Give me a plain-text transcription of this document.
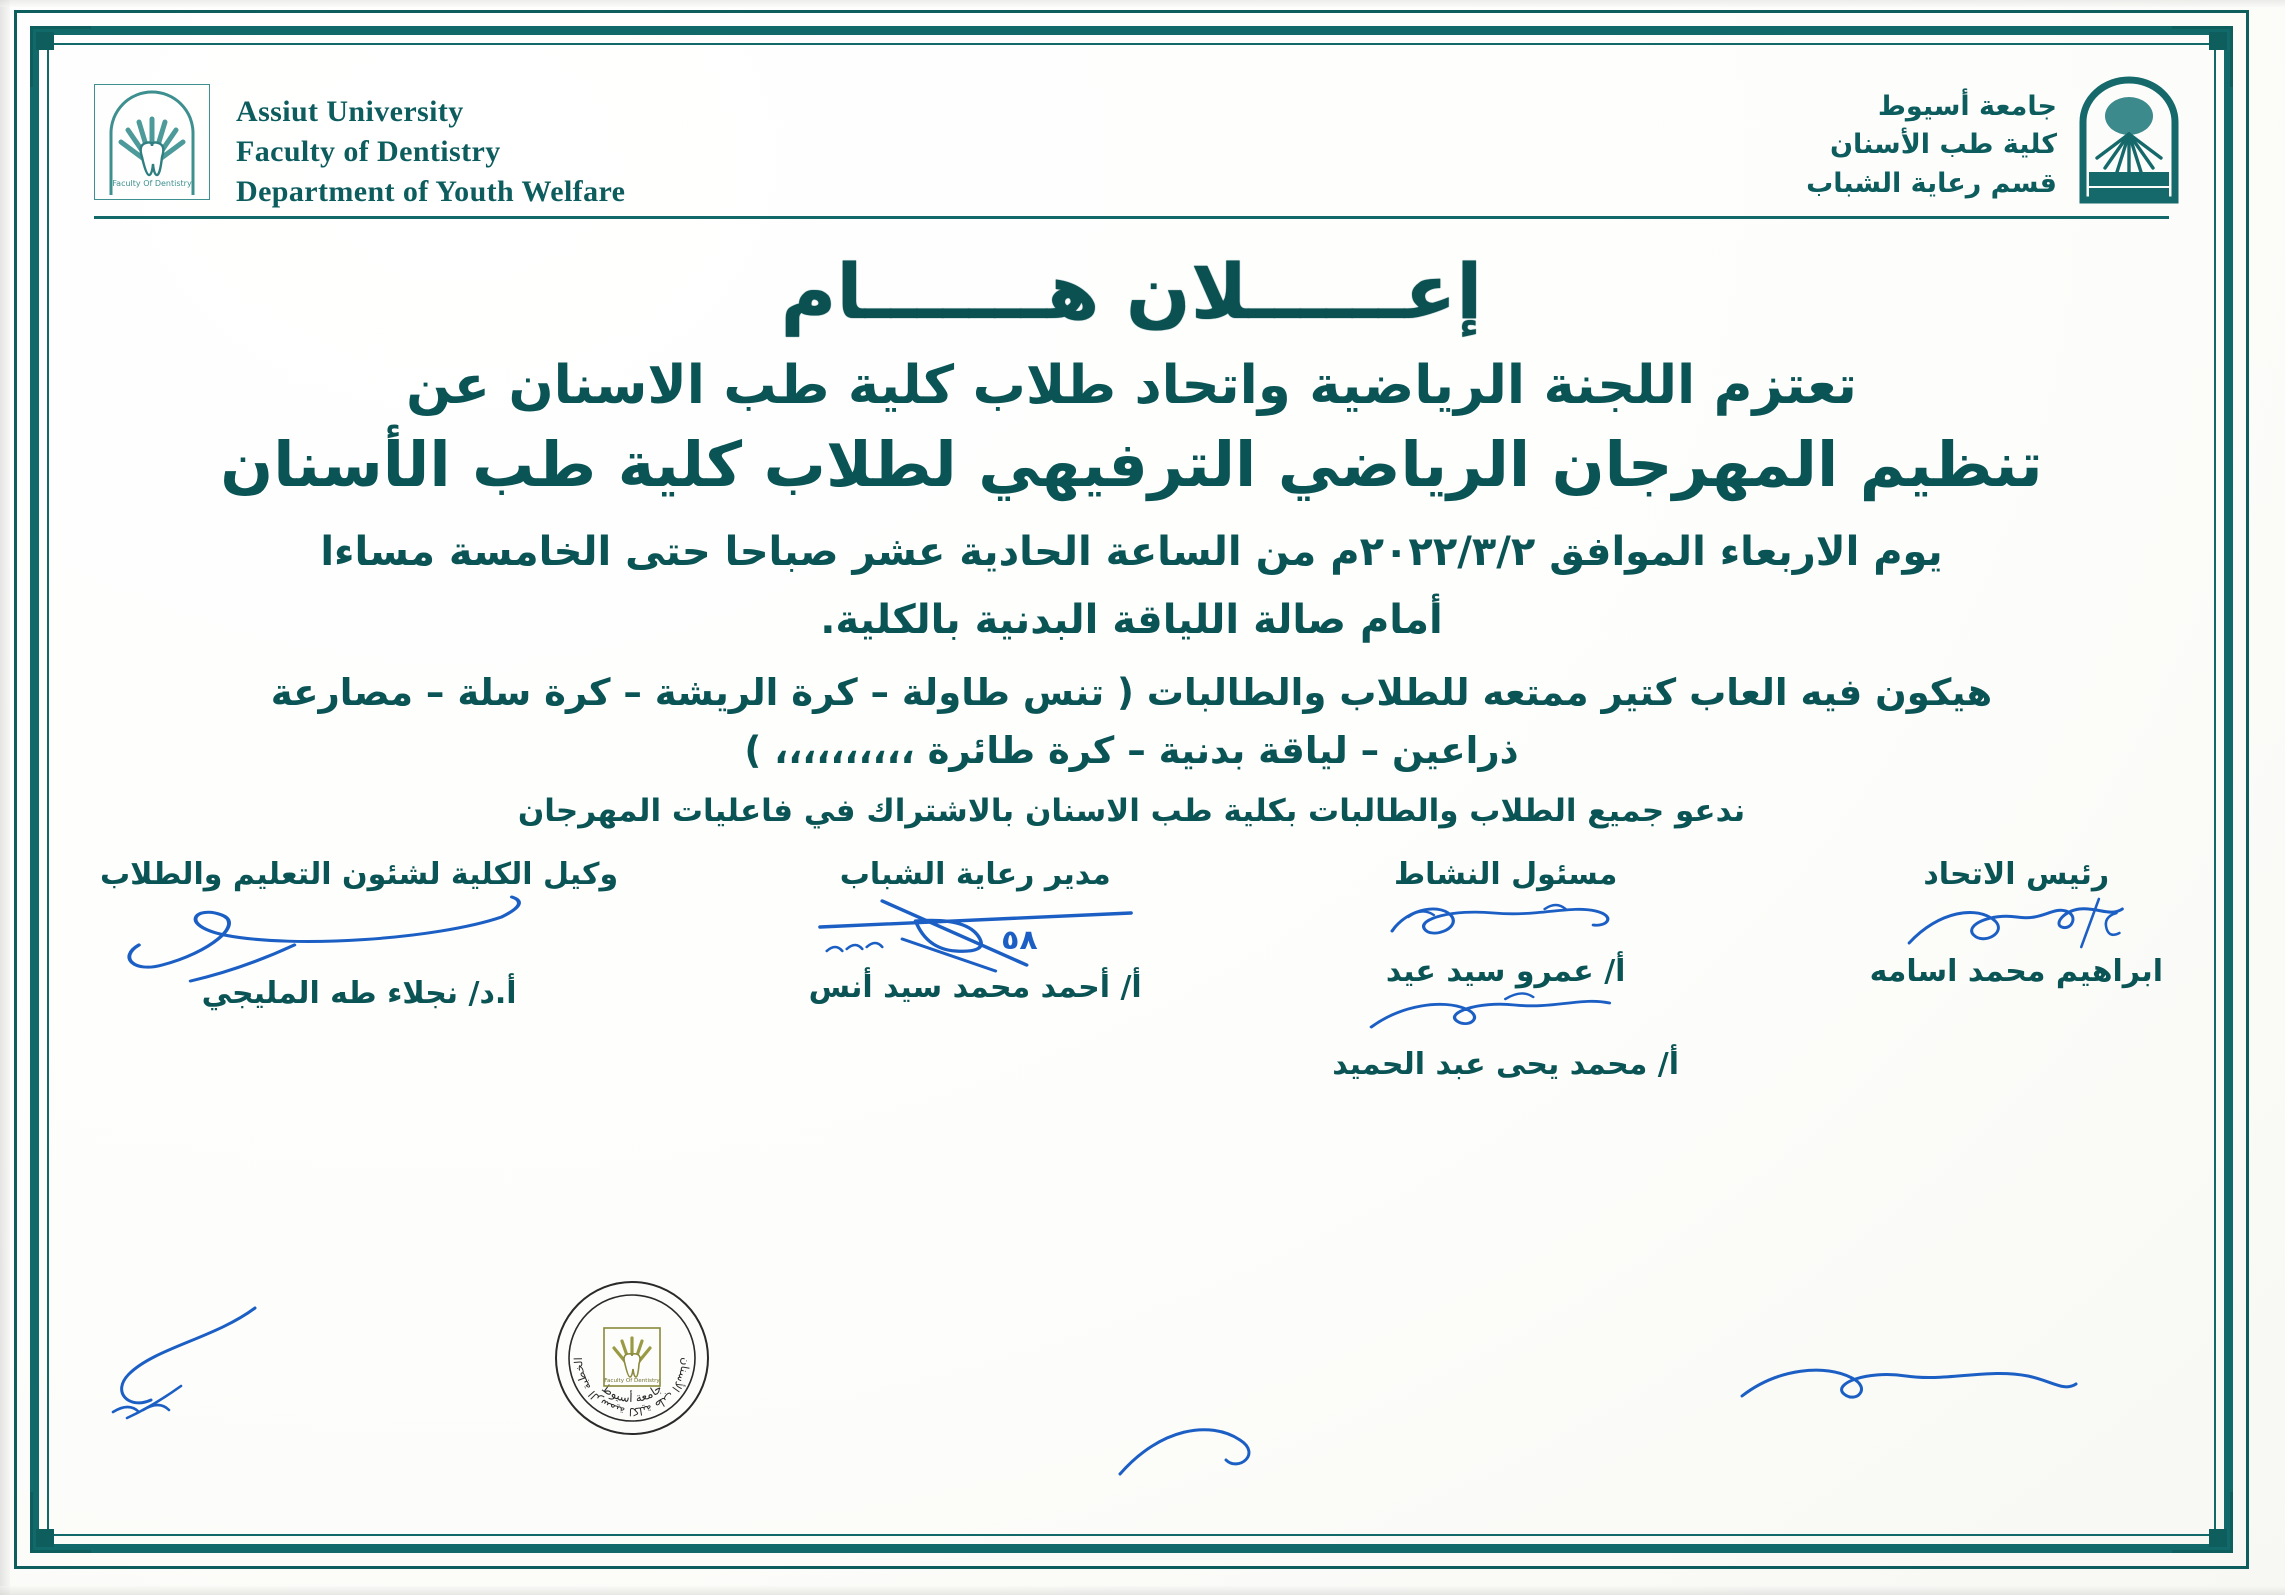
Faculty Of Dentistry
Assiut University
Faculty of Dentistry
Department of Youth Welfare
جامعة أسيوط
كلية طب الأسنان
قسم رعاية الشباب
إعــــــلان هـــــــام
تعتزم اللجنة الرياضية واتحاد طلاب كلية طب الاسنان عن
تنظيم المهرجان الرياضي الترفيهي لطلاب كلية طب الأسنان
يوم الاربعاء الموافق ٢٠٢٢/٣/٢م من الساعة الحادية عشر صباحا حتى الخامسة مساءا
أمام صالة اللياقة البدنية بالكلية.
هيكون فيه العاب كتير ممتعه للطلاب والطالبات ( تنس طاولة – كرة الريشة – كرة سلة – مصارعة
ذراعين – لياقة بدنية – كرة طائرة ،،،،،،،،،، )
ندعو جميع الطلاب والطالبات بكلية طب الاسنان بالاشتراك في فاعليات المهرجان
رئيس الاتحاد
ابراهيم محمد اسامه
مسئول النشاط
أ/ عمرو سيد عيد
أ/ محمد يحى عبد الحميد
مدير رعاية الشباب
٥٨
أ/ أحمد محمد سيد أنس
وكيل الكلية لشئون التعليم والطلاب
أ.د/ نجلاء طه المليجي
الخطبة الرسمية لكلية طب الأسنان
جامعة أسيوط
Faculty Of Dentistry
